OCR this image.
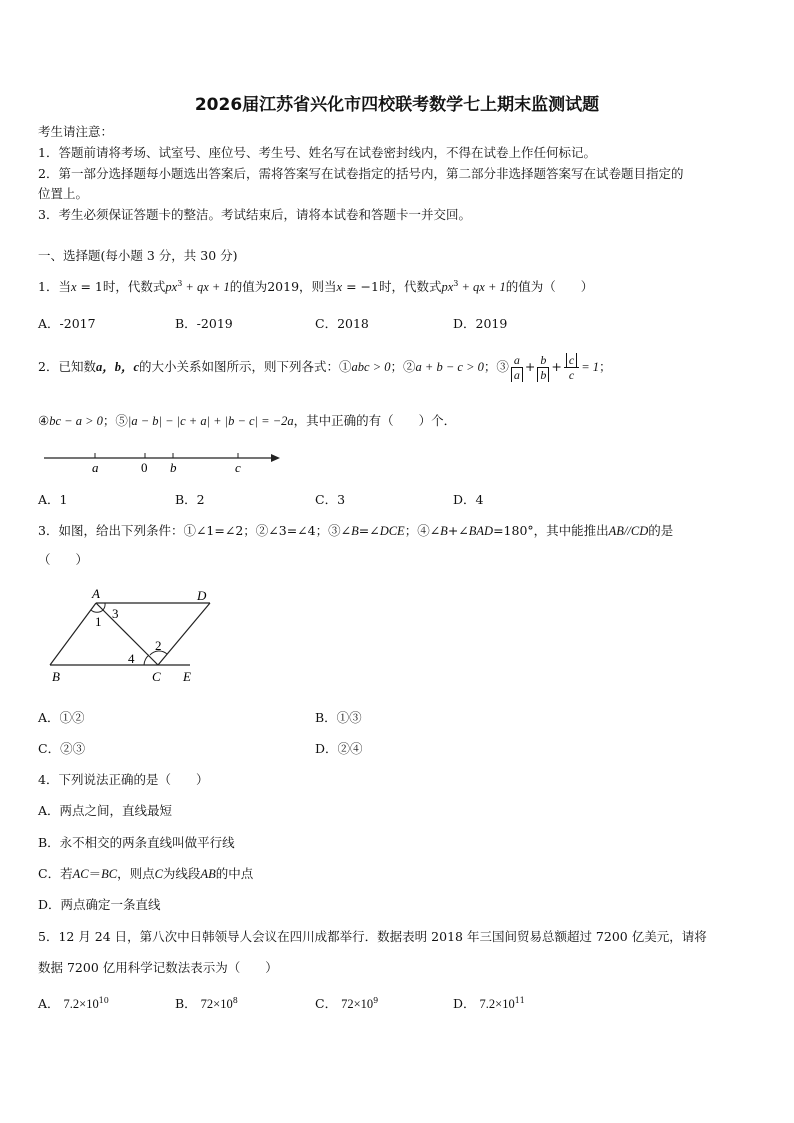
2026届江苏省兴化市四校联考数学七上期末监测试题
考生请注意：
1．答题前请将考场、试室号、座位号、考生号、姓名写在试卷密封线内，不得在试卷上作任何标记。
2．第一部分选择题每小题选出答案后，需将答案写在试卷指定的括号内，第二部分非选择题答案写在试卷题目指定的
位置上。
3．考生必须保证答题卡的整洁。考试结束后，请将本试卷和答题卡一并交回。
一、选择题(每小题 3 分，共 30 分)
1．当x = 1时，代数式$px^3$ + qx + 1的值为2019，则当x = −1时，代数式$px^3$ + qx + 1的值为（　　）
A．-2017	B．-2019	C．2018	D．2019
2．已知数a，b，c的大小关系如图所示，则下列各式：①abc > 0；②a + b − c > 0；③ $\frac{a}{a} + \frac{b}{b} + \frac{c}{c} = 1$；
④bc − a > 0；⑤|a − b| − |c + a| + |b − c| = −2a，其中正确的有（　　）个．
a	0 b	c
A．1	B．2	C．3	D．4
3．如图，给出下列条件：①∠1=∠2；②∠3=∠4；③∠B=∠DCE；④∠B+∠BAD=180°，其中能推出AB//CD的是
（　　）
A	D
B	C E
1
3
2
4
A．①②	B．①③
C．②③	D．②④
4．下列说法正确的是（　　）
A．两点之间，直线最短
B．永不相交的两条直线叫做平行线
C．若AC＝BC，则点C为线段AB的中点
D．两点确定一条直线
5．12 月 24 日，第八次中日韩领导人会议在四川成都举行．数据表明 2018 年三国间贸易总额超过 7200 亿美元，请将
数据 7200 亿用科学记数法表示为（　　）
A． $7.2\times 10^{10}$	B． $72\times 10^8$	C． $72\times 10^9$	D． $7.2\times 10^{11}$
